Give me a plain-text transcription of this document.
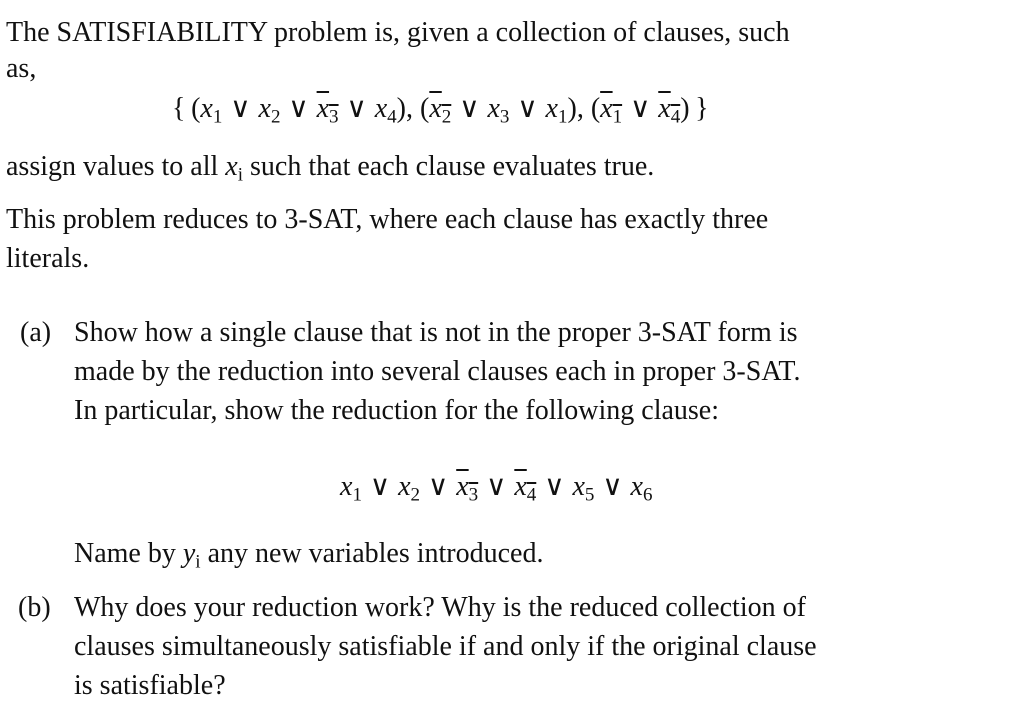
The SATISFIABILITY problem is, given a collection of clauses, such
as,
{  ($x_1$ ∨ $x_2$ ∨ $x_3$ ∨ $x_4$), ($x_2$ ∨ $x_3$ ∨ $x_1$), ($x_1$ ∨ $x_4$)  }
assign values to all $x_i$ such that each clause evaluates true.
This problem reduces to 3-SAT, where each clause has exactly three
literals.
(a) Show how a single clause that is not in the proper 3-SAT form is
made by the reduction into several clauses each in proper 3-SAT.
In particular, show the reduction for the following clause:
$x_1$ ∨ $x_2$ ∨ $x_3$ ∨ $x_4$ ∨ $x_5$ ∨ $x_6$
Name by $y_i$ any new variables introduced.
(b) Why does your reduction work? Why is the reduced collection of
clauses simultaneously satisfiable if and only if the original clause
is satisfiable?
